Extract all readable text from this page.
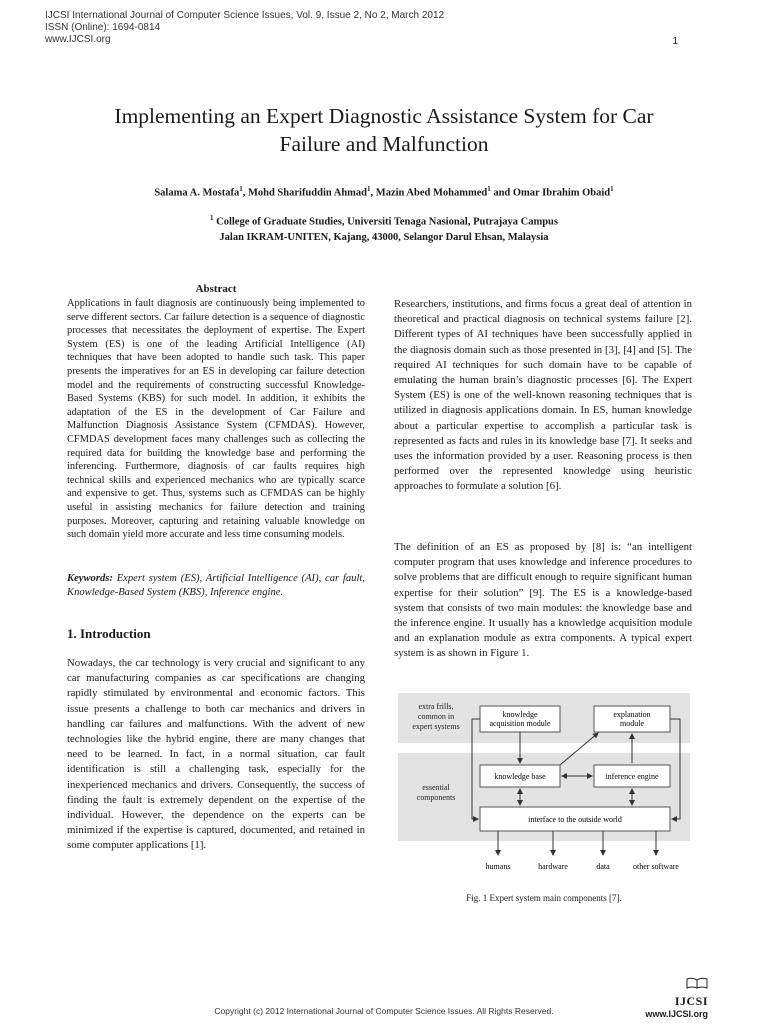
IJCSI International Journal of Computer Science Issues, Vol. 9, Issue 2, No 2, March 2012
ISSN (Online): 1694-0814
www.IJCSI.org	1
Implementing an Expert Diagnostic Assistance System for Car
Failure and Malfunction
Salama A. Mostafa$^1$, Mohd Sharifuddin Ahmad$^1$, Mazin Abed Mohammed$^1$ and Omar Ibrahim Obaid$^1$
$^1$ College of Graduate Studies, Universiti Tenaga Nasional, Putrajaya Campus
Jalan IKRAM-UNITEN, Kajang, 43000, Selangor Darul Ehsan, Malaysia
Abstract
Applications in fault diagnosis are continuously being implemented to serve different sectors. Car failure detection is a sequence of diagnostic processes that necessitates the deployment of expertise. The Expert System (ES) is one of the leading Artificial Intelligence (AI) techniques that have been adopted to handle such task. This paper presents the imperatives for an ES in developing car failure detection model and the requirements of constructing successful Knowledge-Based Systems (KBS) for such model. In addition, it exhibits the adaptation of the ES in the development of Car Failure and Malfunction Diagnosis Assistance System (CFMDAS). However, CFMDAS development faces many challenges such as collecting the required data for building the knowledge base and performing the inferencing. Furthermore, diagnosis of car faults requires high technical skills and experienced mechanics who are typically scarce and expensive to get. Thus, systems such as CFMDAS can be highly useful in assisting mechanics for failure detection and training purposes. Moreover, capturing and retaining valuable knowledge on such domain yield more accurate and less time consuming models.
Keywords: Expert system (ES), Artificial Intelligence (AI), car fault, Knowledge-Based System (KBS), Inference engine.
1. Introduction
Nowadays, the car technology is very crucial and significant to any car manufacturing companies as car specifications are changing rapidly stimulated by environmental and economic factors. This issue presents a challenge to both car mechanics and drivers in handling car failures and malfunctions. With the advent of new technologies like the hybrid engine, there are many changes that need to be learned. In fact, in a normal situation, car fault identification is still a challenging task, especially for the inexperienced mechanics and drivers. Consequently, the success of finding the fault is extremely dependent on the expertise of the individual. However, the dependence on the experts can be minimized if the expertise is captured, documented, and retained in some computer applications [1].
Researchers, institutions, and firms focus a great deal of attention in theoretical and practical diagnosis on technical systems failure [2]. Different types of AI techniques have been successfully applied in the diagnosis domain such as those presented in [3], [4] and [5]. The required AI techniques for such domain have to be capable of emulating the human brain’s diagnostic processes [6]. The Expert System (ES) is one of the well-known reasoning techniques that is utilized in diagnosis applications domain. In ES, human knowledge about a particular expertise to accomplish a particular task is represented as facts and rules in its knowledge base [7]. It seeks and uses the information provided by a user. Reasoning process is then performed over the represented knowledge using heuristic approaches to formulate a solution [6].
The definition of an ES as proposed by [8] is: “an intelligent computer program that uses knowledge and inference procedures to solve problems that are difficult enough to require significant human expertise for their solution” [9]. The ES is a knowledge-based system that consists of two main modules: the knowledge base and the inference engine. It usually has a knowledge acquisition module and an explanation module as extra components. A typical expert system is as shown in Figure 1.
extra frills,
common in
expert systems
essential
components
knowledge
acquisition module
explanation
module
knowledge base	inference engine
interface to the outside world
humans	hardware	data	other software
Fig. 1 Expert system main components [7].
Copyright (c) 2012 International Journal of Computer Science Issues. All Rights Reserved.
IJCSI
www.IJCSI.org
